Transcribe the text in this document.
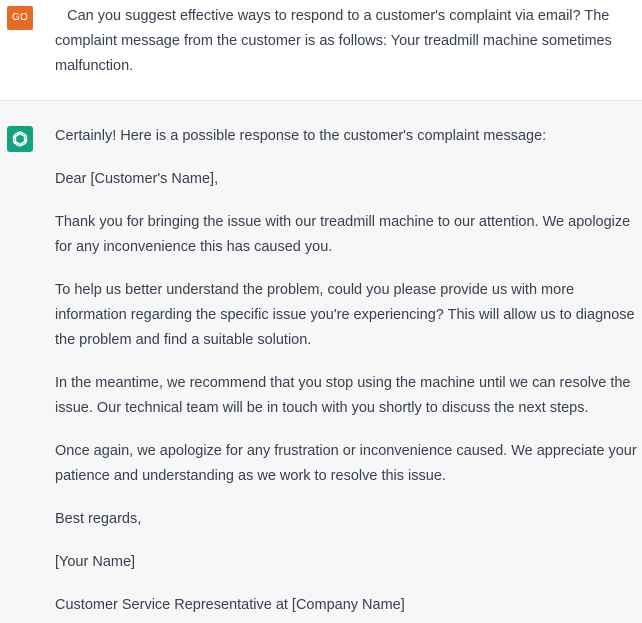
GO	Can you suggest effective ways to respond to a customer's complaint via email? The complaint message from the customer is as follows: Your treadmill machine sometimes malfunction.

Certainly! Here is a possible response to the customer's complaint message:

Dear [Customer's Name],

Thank you for bringing the issue with our treadmill machine to our attention. We apologize for any inconvenience this has caused you.

To help us better understand the problem, could you please provide us with more information regarding the specific issue you're experiencing? This will allow us to diagnose the problem and find a suitable solution.

In the meantime, we recommend that you stop using the machine until we can resolve the issue. Our technical team will be in touch with you shortly to discuss the next steps.

Once again, we apologize for any frustration or inconvenience caused. We appreciate your patience and understanding as we work to resolve this issue.

Best regards,

[Your Name]

Customer Service Representative at [Company Name]
